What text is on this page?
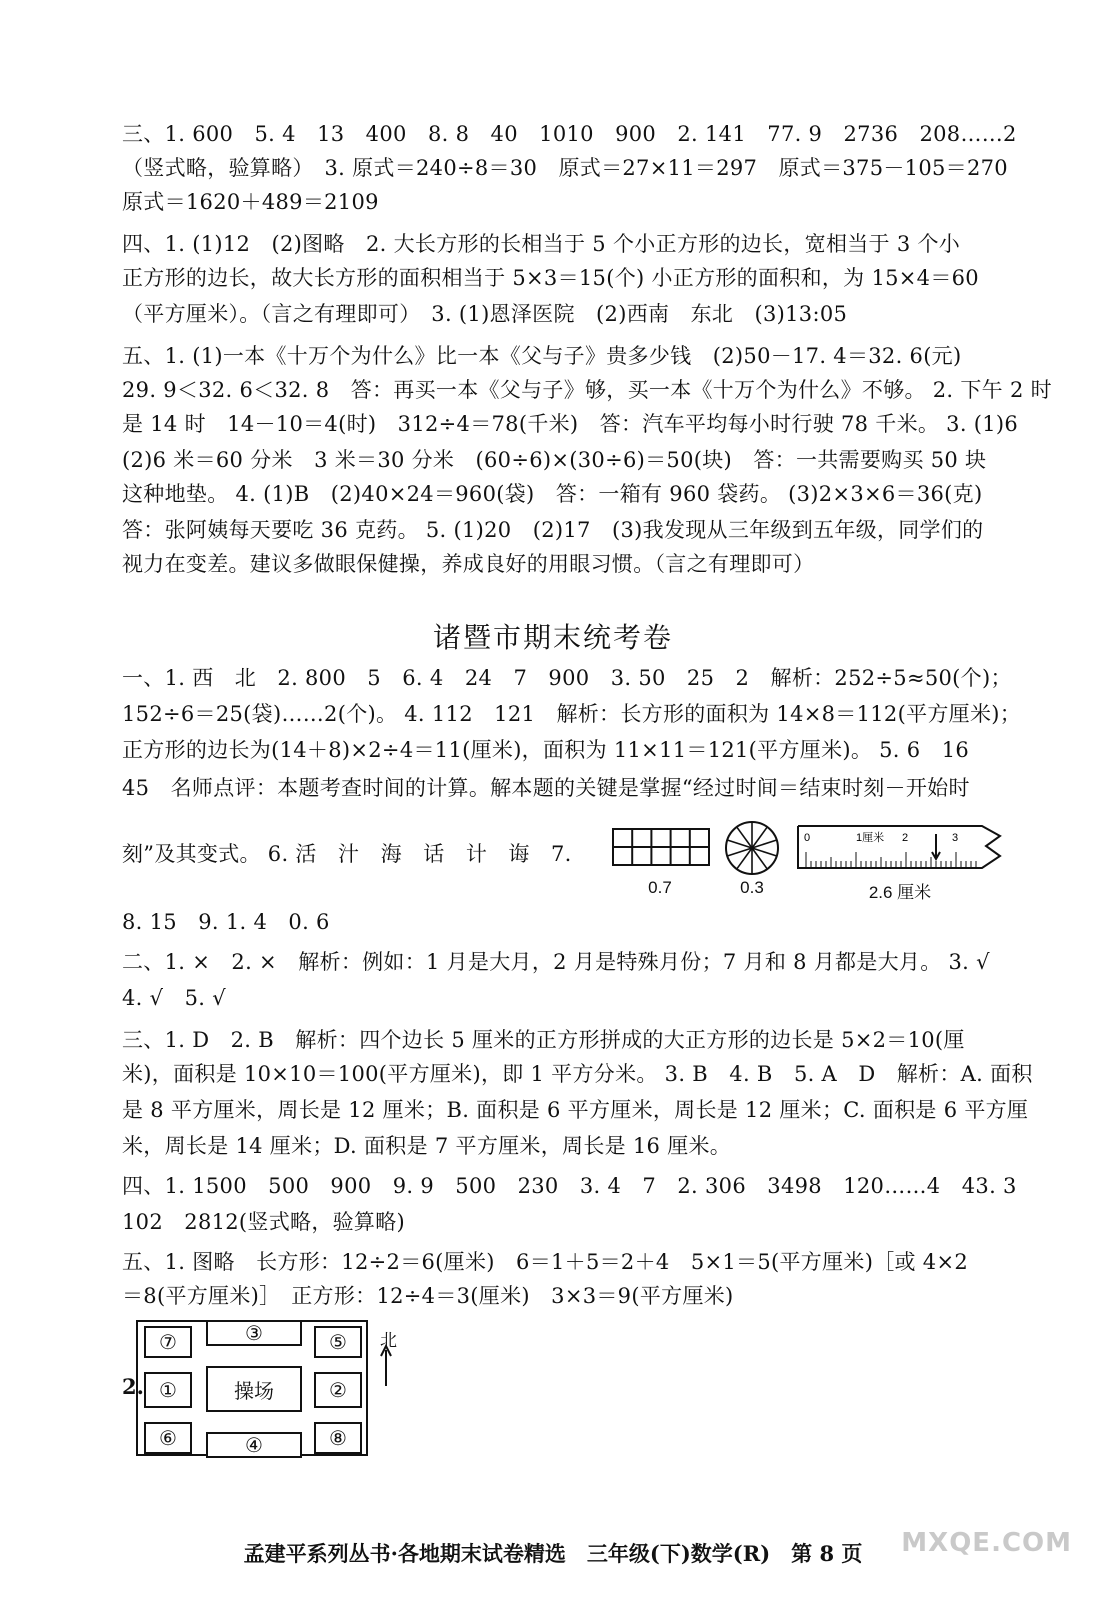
三、1. 600　5. 4　13　400　8. 8　40　1010　900　2. 141　77. 9　2736　208……2
（竖式略，验算略）　3. 原式＝240÷8＝30　原式＝27×11＝297　原式＝375－105＝270
原式＝1620＋489＝2109
四、1. (1)12　(2)图略　2. 大长方形的长相当于 5 个小正方形的边长，宽相当于 3 个小
正方形的边长，故大长方形的面积相当于 5×3＝15(个) 小正方形的面积和，为 15×4＝60
（平方厘米）。（言之有理即可）　3. (1)恩泽医院　(2)西南　东北　(3)13:05
五、1. (1)一本《十万个为什么》比一本《父与子》贵多少钱　(2)50－17. 4＝32. 6(元)
29. 9＜32. 6＜32. 8　答：再买一本《父与子》够，买一本《十万个为什么》不够。 2. 下午 2 时
是 14 时　14－10＝4(时)　312÷4＝78(千米)　答：汽车平均每小时行驶 78 千米。 3. (1)6
(2)6 米＝60 分米　3 米＝30 分米　(60÷6)×(30÷6)＝50(块)　答：一共需要购买 50 块
这种地垫。 4. (1)B　(2)40×24＝960(袋)　答：一箱有 960 袋药。 (3)2×3×6＝36(克)
答：张阿姨每天要吃 36 克药。 5. (1)20　(2)17　(3)我发现从三年级到五年级，同学们的
视力在变差。建议多做眼保健操，养成良好的用眼习惯。（言之有理即可）
诸暨市期末统考卷
一、1. 西　北　2. 800　5　6. 4　24　7　900　3. 50　25　2　解析：252÷5≈50(个)；
152÷6＝25(袋)……2(个)。 4. 112　121　解析：长方形的面积为 14×8＝112(平方厘米)；
正方形的边长为(14＋8)×2÷4＝11(厘米)，面积为 11×11＝121(平方厘米)。 5. 6　16
45　名师点评：本题考查时间的计算。解本题的关键是掌握“经过时间＝结束时刻－开始时
刻”及其变式。 6. 活　汁　海　话　计　诲　7.
0.7	0.3
0	1厘米 2	3
2.6 厘米
8. 15　9. 1. 4　0. 6
二、1. ×　2. ×　解析：例如：1 月是大月，2 月是特殊月份；7 月和 8 月都是大月。 3. √
4. √　5. √
三、1. D　2. B　解析：四个边长 5 厘米的正方形拼成的大正方形的边长是 5×2＝10(厘
米)，面积是 10×10＝100(平方厘米)，即 1 平方分米。 3. B　4. B　5. A　D　解析：A. 面积
是 8 平方厘米，周长是 12 厘米；B. 面积是 6 平方厘米，周长是 12 厘米；C. 面积是 6 平方厘
米，周长是 14 厘米；D. 面积是 7 平方厘米，周长是 16 厘米。
四、1. 1500　500　900　9. 9　500　230　3. 4　7　2. 306　3498　120……4　43. 3
102　2812(竖式略，验算略)
五、1. 图略　长方形：12÷2＝6(厘米)　6＝1＋5＝2＋4　5×1＝5(平方厘米)［或 4×2
＝8(平方厘米)］　正方形：12÷4＝3(厘米)　3×3＝9(平方厘米)
2.
⑦	③	⑤
①	操场	②
⑥	④	⑧
北
孟建平系列丛书·各地期末试卷精选　三年级(下)数学(R)　第 8 页	MXQE.COM
